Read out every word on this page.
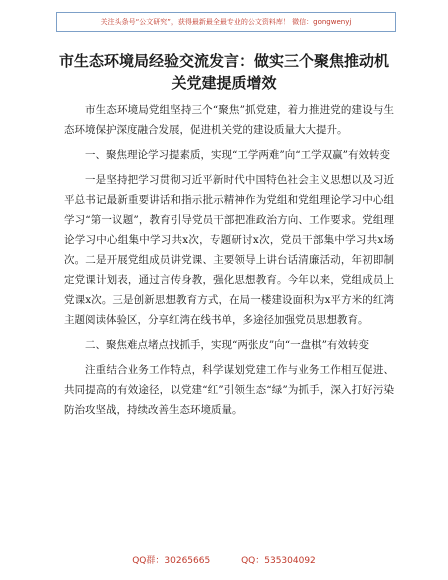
关注头条号“公文研究”，获得最新最全最专业的公文资料库！ 微信：gongwenyj
市生态环境局经验交流发言：做实三个聚焦推动机关党建提质增效

市生态环境局党组坚持三个“聚焦”抓党建，着力推进党的建设与生态环境保护深度融合发展，促进机关党的建设质量大大提升。

一、聚焦理论学习提素质，实现“工学两难”向“工学双赢”有效转变

一是坚持把学习贯彻习近平新时代中国特色社会主义思想以及习近平总书记最新重要讲话和指示批示精神作为党组和党组理论学习中心组学习“第一议题”，教育引导党员干部把准政治方向、工作要求。党组理论学习中心组集中学习共x次，专题研讨x次，党员干部集中学习共x场次。二是开展党组成员讲党课、主要领导上讲台话清廉活动，年初即制定党课计划表，通过言传身教，强化思想教育。今年以来，党组成员上党课x次。三是创新思想教育方式，在局一楼建设面积为x平方米的红湾主题阅读体验区，分享红湾在线书单，多途径加强党员思想教育。

二、聚焦难点堵点找抓手，实现“两张皮”向“一盘棋”有效转变

注重结合业务工作特点，科学谋划党建工作与业务工作相互促进、共同提高的有效途径，以党建“红”引领生态“绿”为抓手，深入打好污染防治攻坚战，持续改善生态环境质量。

QQ群：30265665	QQ：535304092
